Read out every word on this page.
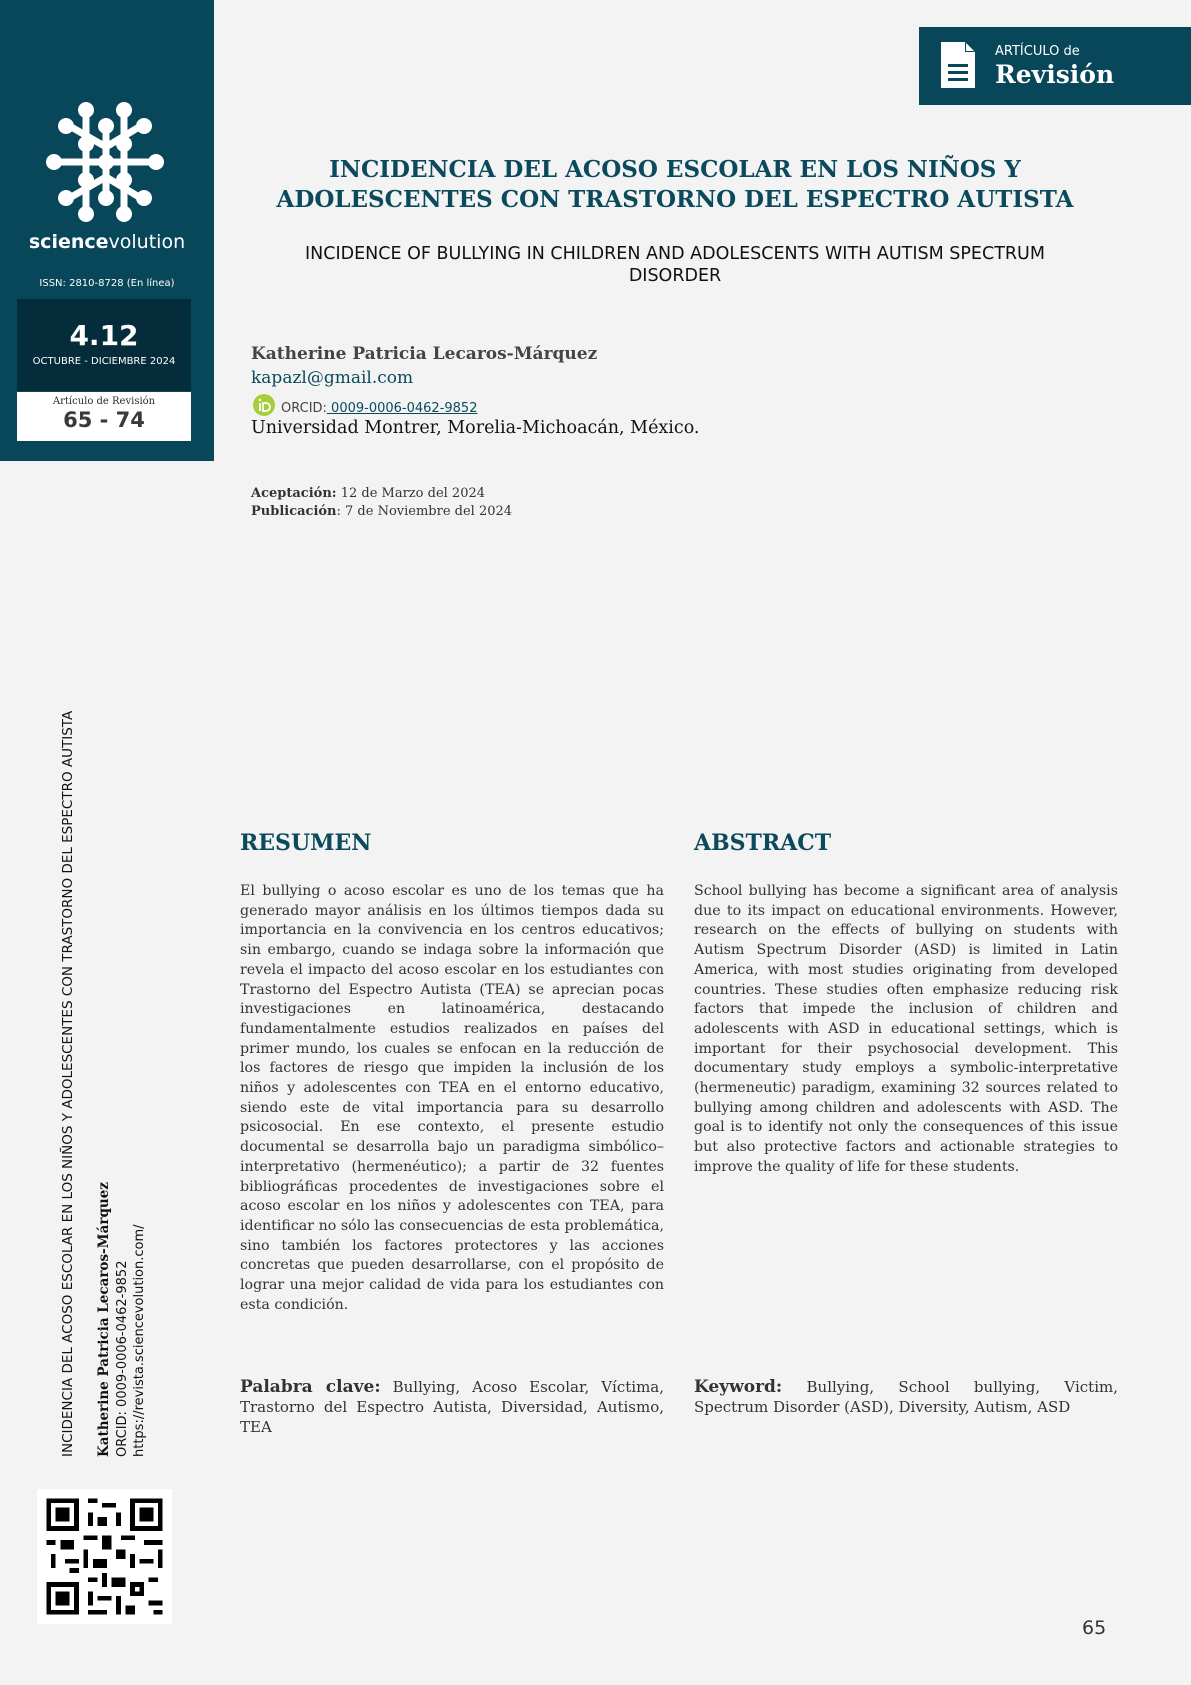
sciencevolution
ISSN: 2810-8728 (En línea)
4.12
OCTUBRE - DICIEMBRE 2024
Artículo de Revisión
65 - 74
ARTÍCULO de
Revisión
INCIDENCIA DEL ACOSO ESCOLAR EN LOS NIÑOS Y ADOLESCENTES CON TRASTORNO DEL ESPECTRO AUTISTA
INCIDENCE OF BULLYING IN CHILDREN AND ADOLESCENTS WITH AUTISM SPECTRUM DISORDER
Katherine Patricia Lecaros-Márquez
kapazl@gmail.com
ORCID: 0009-0006-0462-9852
Universidad Montrer, Morelia-Michoacán, México.
Aceptación: 12 de Marzo del 2024
Publicación: 7 de Noviembre del 2024
INCIDENCIA DEL ACOSO ESCOLAR EN LOS NIÑOS Y ADOLESCENTES CON TRASTORNO DEL ESPECTRO AUTISTA Katherine Patricia Lecaros-Márquez ORCID: 0009-0006-0462-9852 https://revista.sciencevolution.com/
RESUMEN
El bullying o acoso escolar es uno de los temas que ha generado mayor análisis en los últimos tiempos dada su importancia en la convivencia en los centros educativos; sin embargo, cuando se indaga sobre la información que revela el impacto del acoso escolar en los estudiantes con Trastorno del Espectro Autista (TEA) se aprecian pocas investigaciones en latinoamérica, destacando fundamentalmente estudios realizados en países del primer mundo, los cuales se enfocan en la reducción de los factores de riesgo que impiden la inclusión de los niños y adolescentes con TEA en el entorno educativo, siendo este de vital importancia para su desarrollo psicosocial. En ese contexto, el presente estudio documental se desarrolla bajo un paradigma simbólico–interpretativo (hermenéutico); a partir de 32 fuentes bibliográficas procedentes de investigaciones sobre el acoso escolar en los niños y adolescentes con TEA, para identificar no sólo las consecuencias de esta problemática, sino también los factores protectores y las acciones concretas que pueden desarrollarse, con el propósito de lograr una mejor calidad de vida para los estudiantes con esta condición.
Palabra clave: Bullying, Acoso Escolar, Víctima, Trastorno del Espectro Autista, Diversidad, Autismo, TEA
ABSTRACT
School bullying has become a significant area of analysis due to its impact on educational environments. However, research on the effects of bullying on students with Autism Spectrum Disorder (ASD) is limited in Latin America, with most studies originating from developed countries. These studies often emphasize reducing risk factors that impede the inclusion of children and adolescents with ASD in educational settings, which is important for their psychosocial development. This documentary study employs a symbolic-interpretative (hermeneutic) paradigm, examining 32 sources related to bullying among children and adolescents with ASD. The goal is to identify not only the consequences of this issue but also protective factors and actionable strategies to improve the quality of life for these students.
Keyword: Bullying, School bullying, Victim, Spectrum Disorder (ASD), Diversity, Autism, ASD
65
